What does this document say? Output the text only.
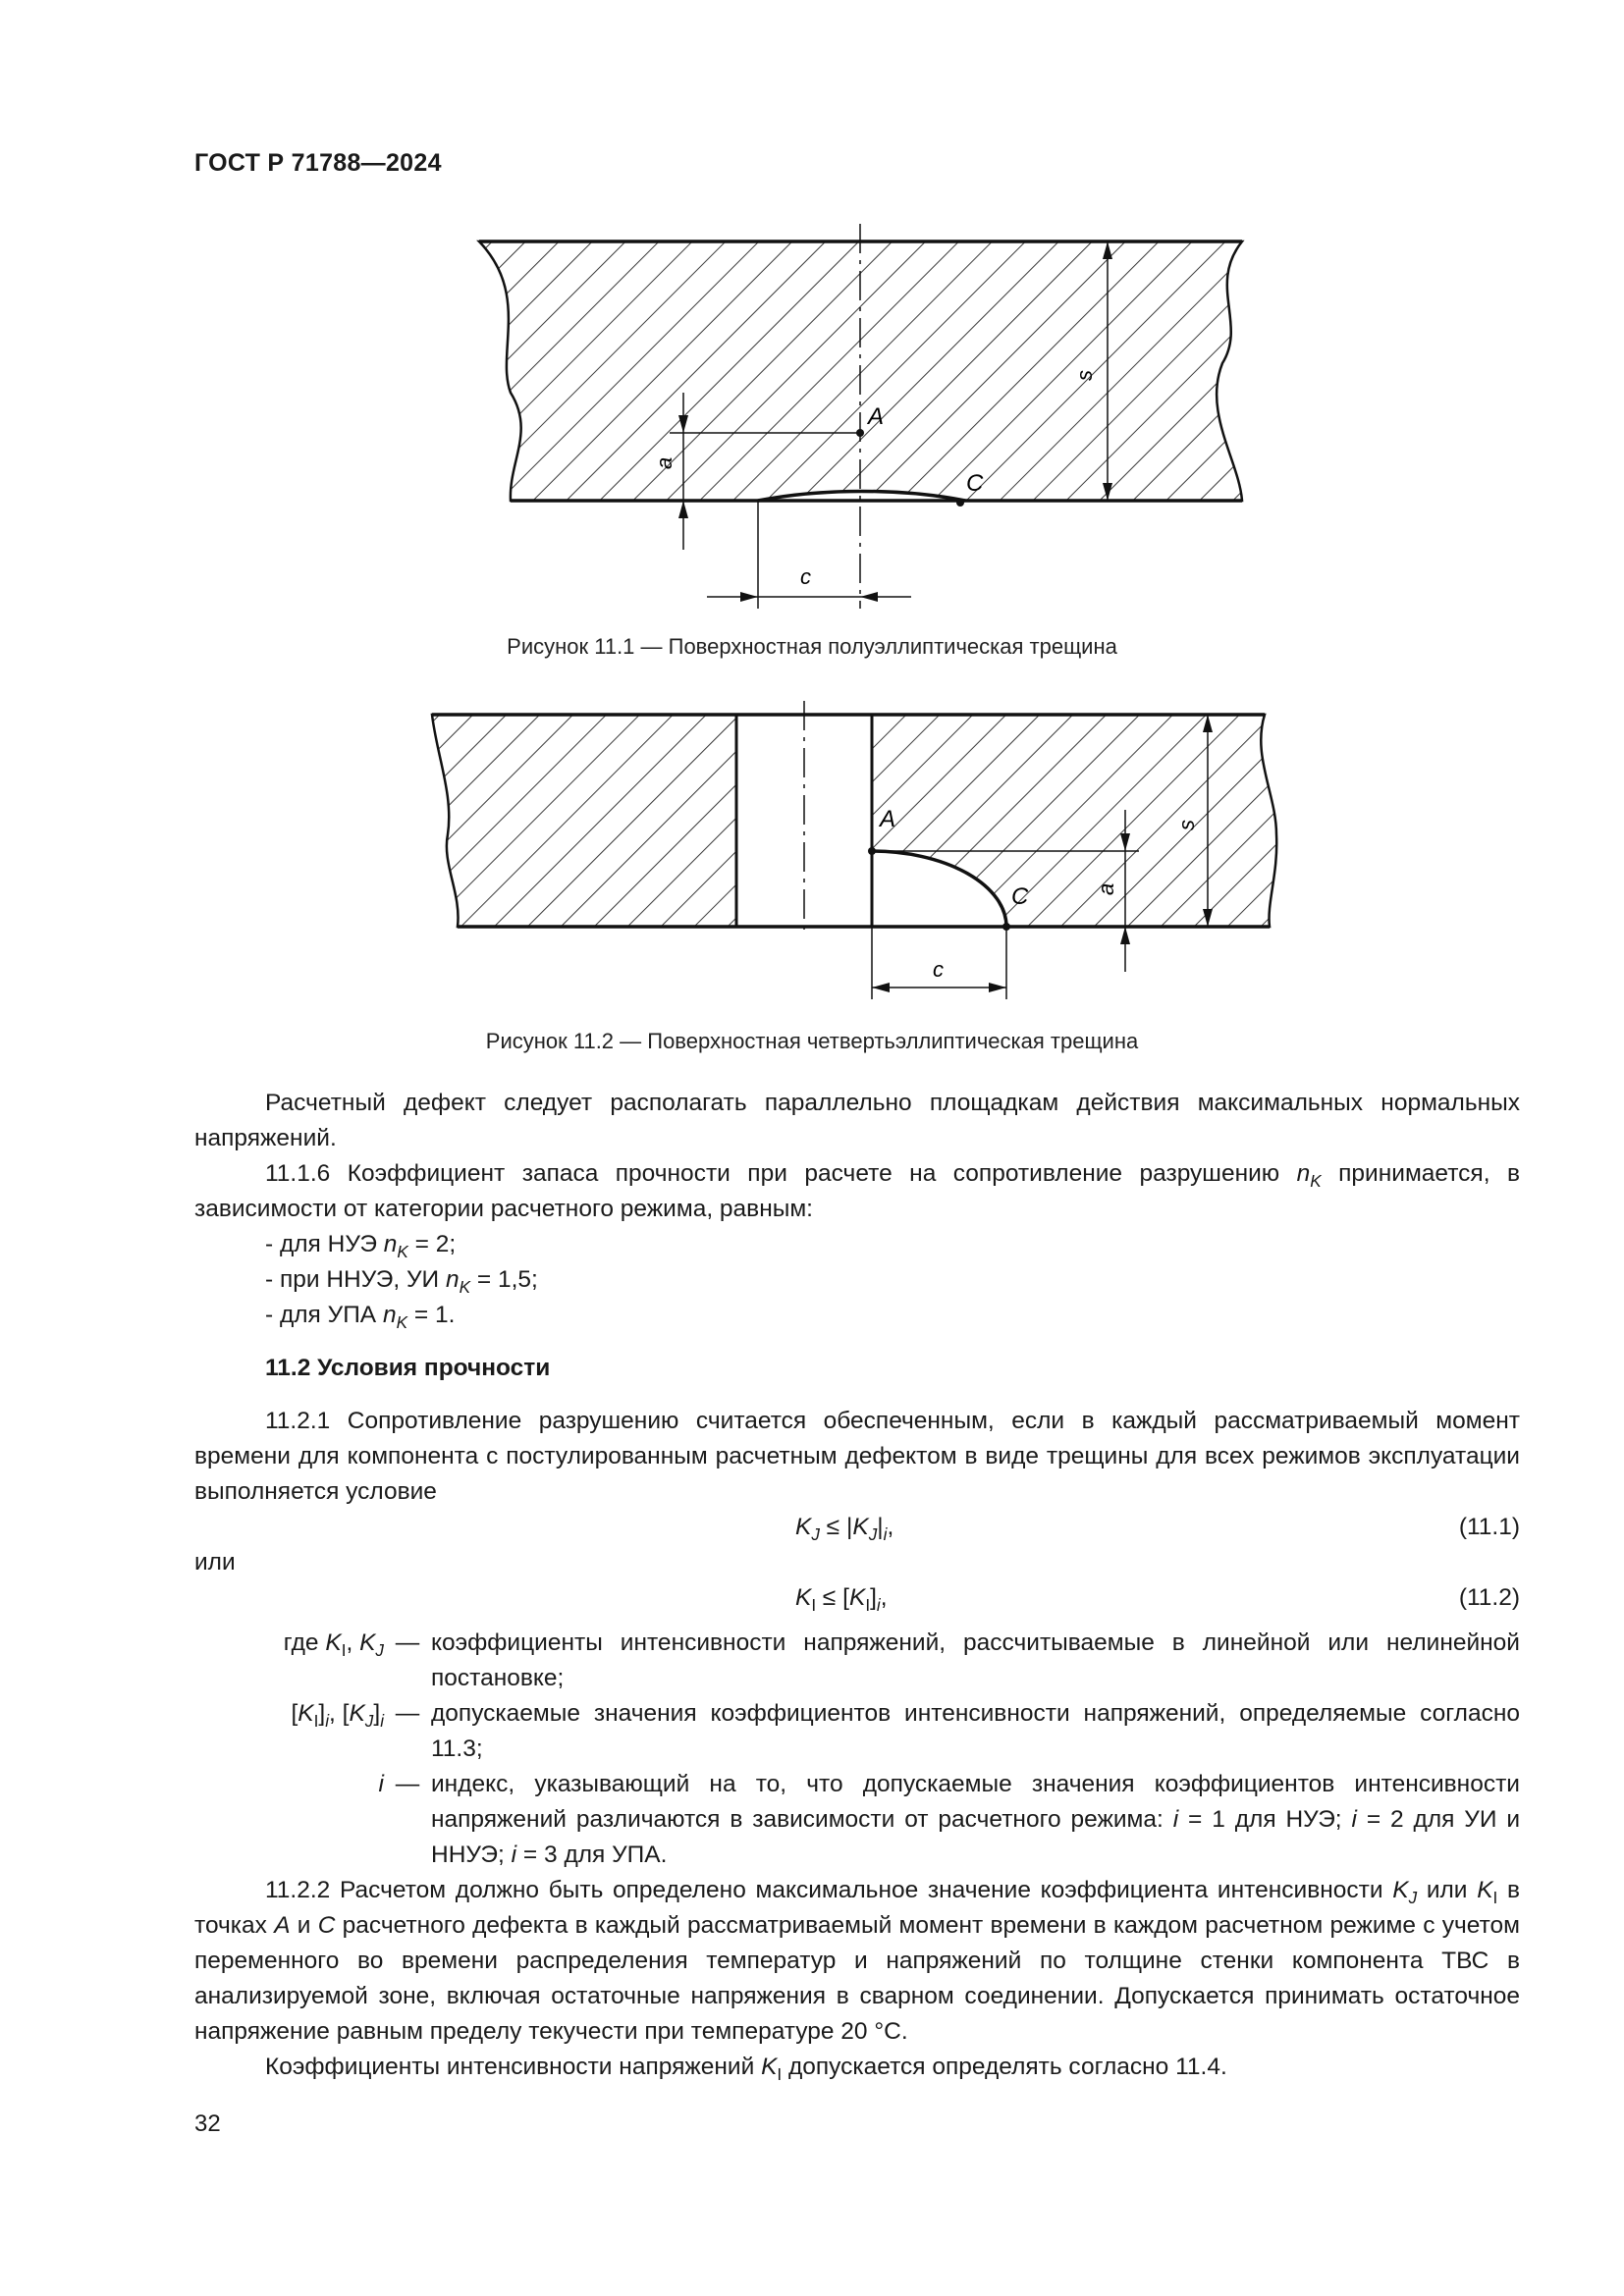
ГОСТ Р 71788—2024
a
s
c
A
C
Рисунок 11.1 — Поверхностная полуэллиптическая трещина
a
s
c
A
C
Рисунок 11.2 — Поверхностная четвертьэллиптическая трещина

Расчетный дефект следует располагать параллельно площадкам действия максимальных нормальных напряжений.

11.1.6 Коэффициент запаса прочности при расчете на сопротивление разрушению $n_K$ принимается, в зависимости от категории расчетного режима, равным:

- для НУЭ $n_K = 2$;

- при ННУЭ, УИ $n_K = 1,5$;

- для УПА $n_K = 1$.

11.2 Условия прочности

11.2.1 Сопротивление разрушению считается обеспеченным, если в каждый рассматриваемый момент времени для компонента с постулированным расчетным дефектом в виде трещины для всех режимов эксплуатации выполняется условие

$K_J \le |K_J|_i$,	(11.1)
или
$K_I \le [K_I]_i$,	(11.2)
где $K_I$, $K_J$ — коэффициенты интенсивности напряжений, рассчитываемые в линейной или нелинейной постановке;
$[K_I]_i$, $[K_J]_i$ — допускаемые значения коэффициентов интенсивности напряжений, определяемые согласно 11.3;
i — индекс, указывающий на то, что допускаемые значения коэффициентов интенсивности напряжений различаются в зависимости от расчетного режима: i = 1 для НУЭ; i = 2 для УИ и ННУЭ; i = 3 для УПА.

11.2.2 Расчетом должно быть определено максимальное значение коэффициента интенсивности $K_J$ или $K_I$ в точках A и C расчетного дефекта в каждый рассматриваемый момент времени в каждом расчетном режиме с учетом переменного во времени распределения температур и напряжений по толщине стенки компонента ТВС в анализируемой зоне, включая остаточные напряжения в сварном соединении. Допускается принимать остаточное напряжение равным пределу текучести при температуре 20 °С.

Коэффициенты интенсивности напряжений $K_I$ допускается определять согласно 11.4.

32
